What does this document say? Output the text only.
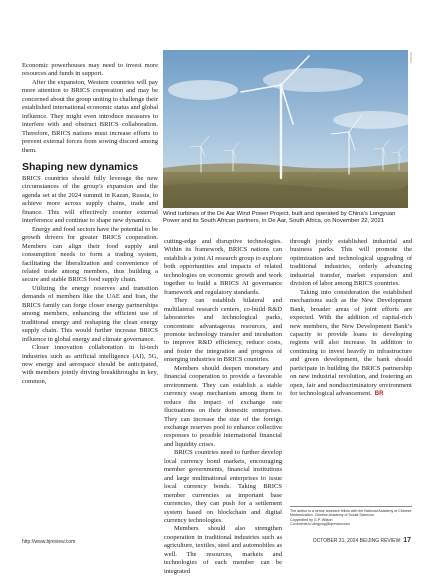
Economic powerhouses may need to invest more resources and funds in support.

After the expansion, Western countries will pay more attention to BRICS cooperation and may be concerned about the group uniting to challenge their established international economic status and global influence. They might even introduce measures to interfere with and obstruct BRICS collaboration. Therefore, BRICS nations must increase efforts to prevent external forces from sowing discord among them.

Shaping new dynamics

BRICS countries should fully leverage the new circumstances of the group’s expansion and the agenda set at the 2024 summit in Kazan, Russia, to achieve more across supply chains, trade and finance. This will effectively counter external interference and continue to shape new dynamics.

Energy and food sectors have the potential to be growth drivers for greater BRICS cooperation. Members can align their food supply and consumption needs to form a trading system, facilitating the liberalization and convenience of related trade among members, thus building a secure and stable BRICS food supply chain.

Utilizing the energy reserves and transition demands of members like the UAE and Iran, the BRICS family can forge closer energy partnerships among members, enhancing the efficient use of traditional energy and reshaping the clean energy supply chain. This would further increase BRICS influence in global energy and climate governance.

Closer innovation collaboration in hi-tech industries such as artificial intelligence (AI), 5G, new energy and aerospace should be anticipated, with members jointly driving breakthroughs in key, common,

XINHUA
Wind turbines of the De Aar Wind Power Project, built and operated by China’s Longyuan Power and its South African partners, in De Aar, South Africa, on November 22, 2021

cutting-edge and disruptive technologies. Within its framework, BRICS nations can establish a joint AI research group to explore both opportunities and impacts of related technologies on economic growth and work together to build a BRICS AI governance framework and regulatory standards.

They can establish bilateral and multilateral research centers, co-build R&D laboratories and technological parks, concentrate advantageous resources, and promote technology transfer and incubation to improve R&D efficiency, reduce costs, and foster the integration and progress of emerging industries in BRICS countries.

Members should deepen monetary and financial cooperation to provide a favorable environment. They can establish a stable currency swap mechanism among them to reduce the impact of exchange rate fluctuations on their domestic enterprises. They can increase the size of the foreign exchange reserves pool to enhance collective responses to possible international financial and liquidity crises.

BRICS countries need to further develop local currency bond markets, encouraging member governments, financial institutions and large multinational enterprises to issue local currency bonds. Taking BRICS member currencies as important base currencies, they can push for a settlement system based on blockchain and digital currency technologies.

Members should also strengthen cooperation in traditional industries such as agriculture, textiles, steel and automobiles as well. The resources, markets and technologies of each member can be integrated

through jointly established industrial and business parks. This will promote the optimization and technological upgrading of traditional industries, orderly advancing industrial transfer, market expansion and division of labor among BRICS countries.

Taking into consideration the established mechanisms such as the New Development Bank, broader areas of joint efforts are expected. With the addition of capital-rich new members, the New Development Bank’s capacity to provide loans to developing regions will also increase. In addition to continuing to invest heavily in infrastructure and green development, the bank should participate in building the BRICS partnership on new industrial revolution, and fostering an open, fair and nondiscriminatory environment for technological advancement. BR

The author is a senior research fellow with the National Academy of Chinese Modernization, Chinese Academy of Social Sciences
Copyedited by G.P. Wilson
Comments to dingying@bjreview.com
http://www.bjreview.com	OCTOBER 31, 2024 BEIJING REVIEW 17
